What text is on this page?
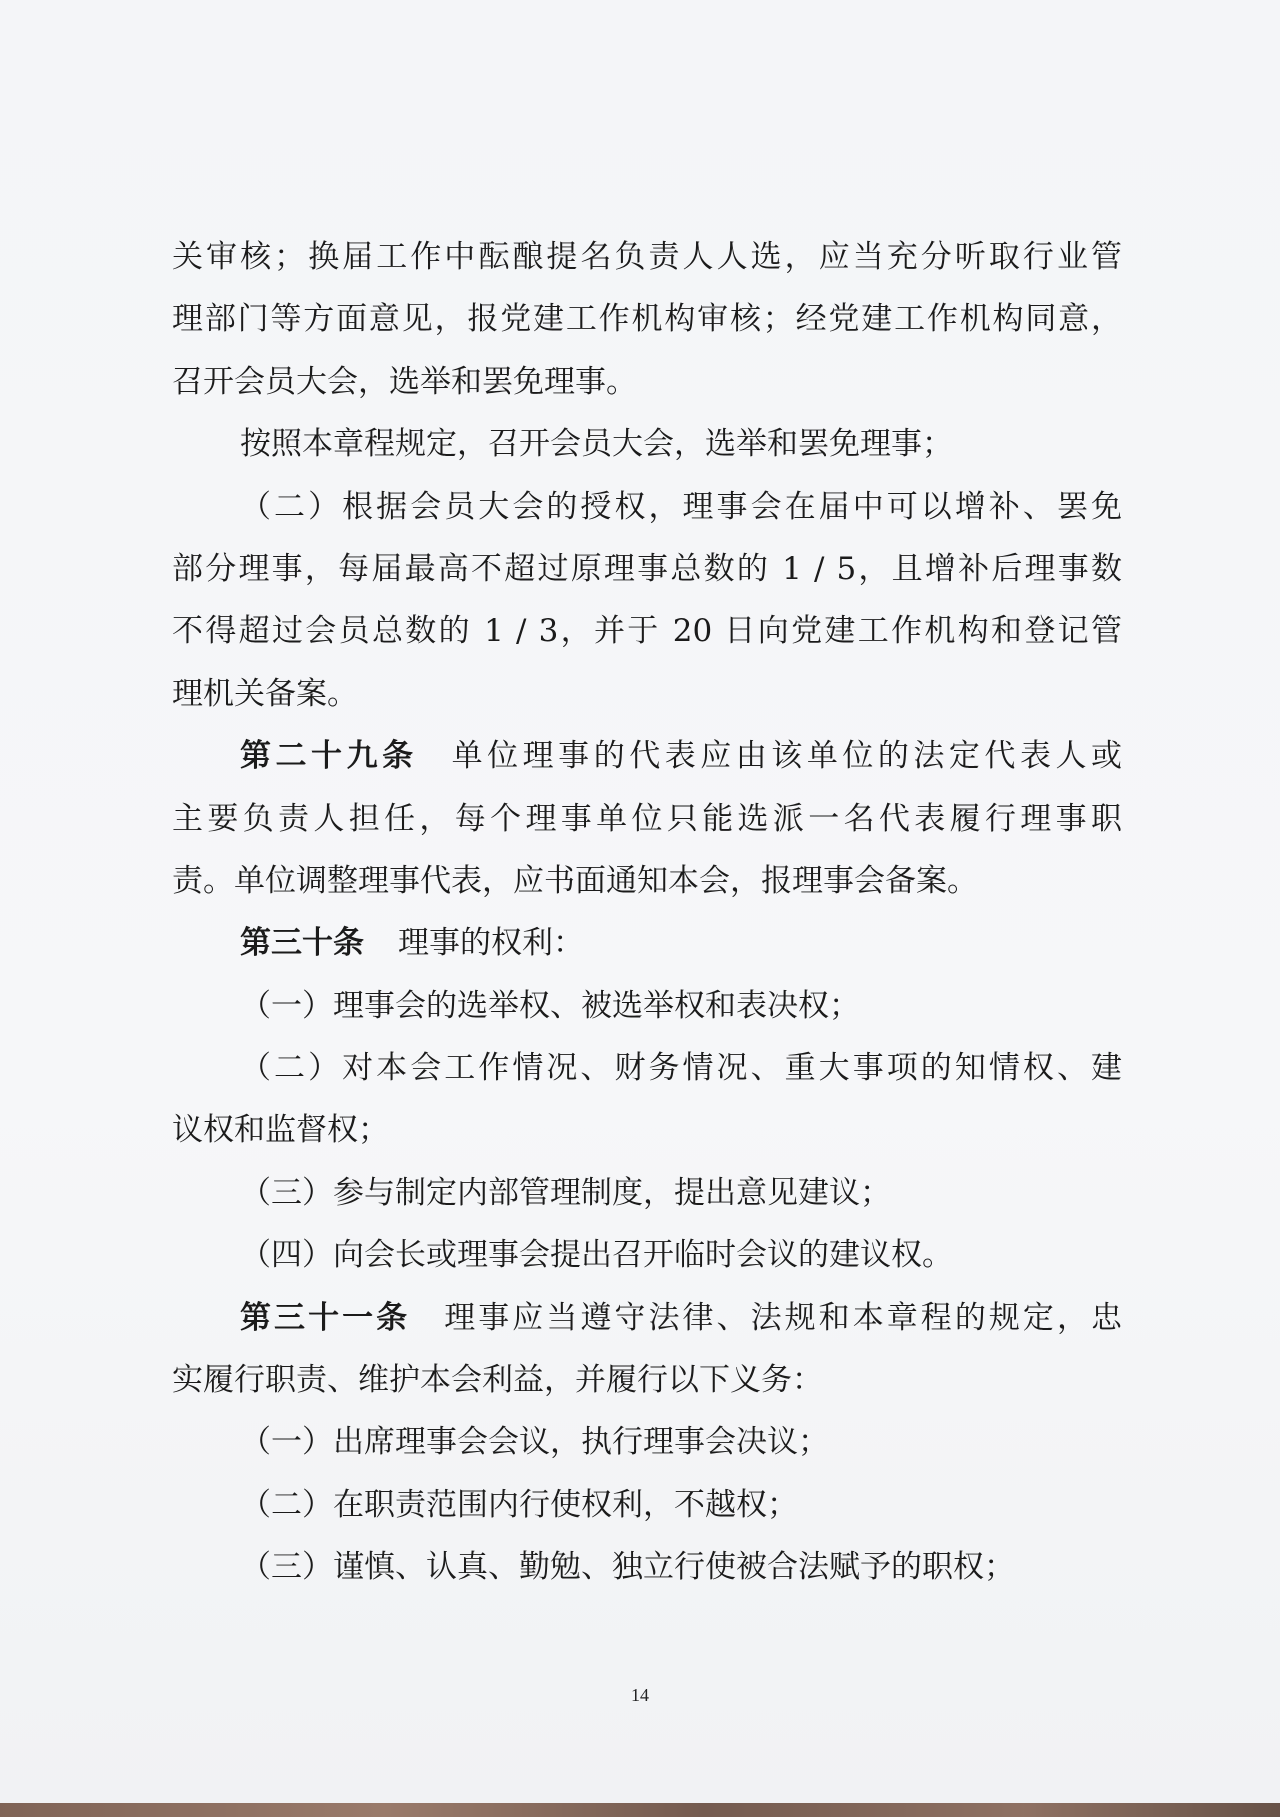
关审核；换届工作中酝酿提名负责人人选，应当充分听取行业管
理部门等方面意见，报党建工作机构审核；经党建工作机构同意，
召开会员大会，选举和罢免理事。
按照本章程规定，召开会员大会，选举和罢免理事；
（二）根据会员大会的授权，理事会在届中可以增补、罢免
部分理事，每届最高不超过原理事总数的 1 / 5，且增补后理事数
不得超过会员总数的 1 / 3，并于 20 日向党建工作机构和登记管
理机关备案。
第二十九条 单位理事的代表应由该单位的法定代表人或
主要负责人担任，每个理事单位只能选派一名代表履行理事职
责。单位调整理事代表，应书面通知本会，报理事会备案。
第三十条 理事的权利：
（一）理事会的选举权、被选举权和表决权；
（二）对本会工作情况、财务情况、重大事项的知情权、建
议权和监督权；
（三）参与制定内部管理制度，提出意见建议；
（四）向会长或理事会提出召开临时会议的建议权。
第三十一条 理事应当遵守法律、法规和本章程的规定，忠
实履行职责、维护本会利益，并履行以下义务：
（一）出席理事会会议，执行理事会决议；
（二）在职责范围内行使权利，不越权；
（三）谨慎、认真、勤勉、独立行使被合法赋予的职权；
14
